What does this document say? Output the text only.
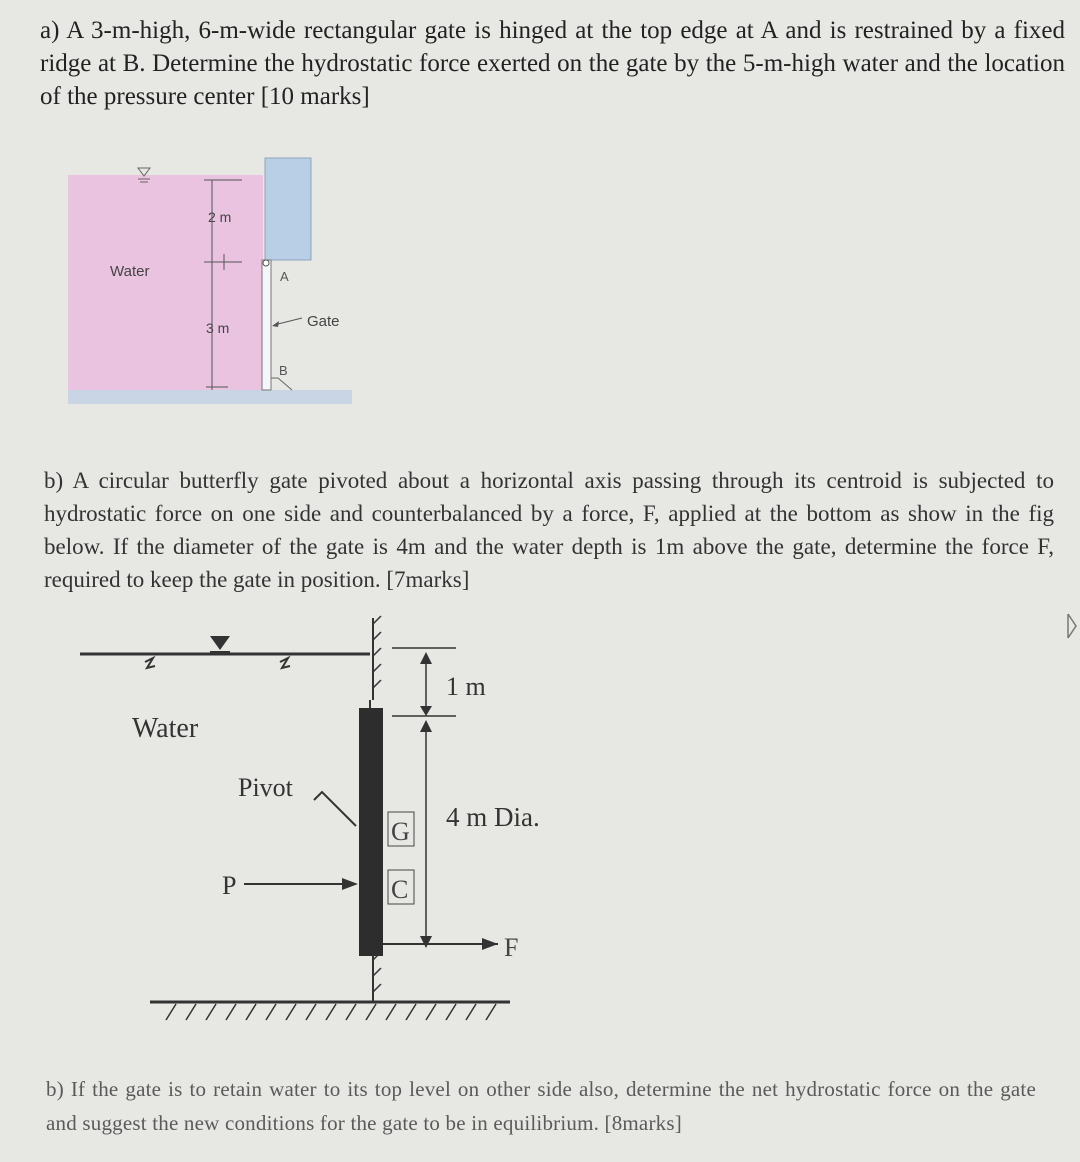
a) A 3-m-high, 6-m-wide rectangular gate is hinged at the top edge at A and is restrained by a fixed ridge at B. Determine the hydrostatic force exerted on the gate by the 5-m-high water and the location of the pressure center [10 marks]

2 m
3 m
Water	A
B
Gate

b) A circular butterfly gate pivoted about a horizontal axis passing through its centroid is subjected to hydrostatic force on one side and counterbalanced by a force, F, applied at the bottom as show in the fig below. If the diameter of the gate is 4m and the water depth is 1m above the gate, determine the force F, required to keep the gate in position. [7marks]

Water
1 m
4 m Dia.
G
C
Pivot
P
F

b) If the gate is to retain water to its top level on other side also, determine the net hydrostatic force on the gate and suggest the new conditions for the gate to be in equilibrium. [8marks]
